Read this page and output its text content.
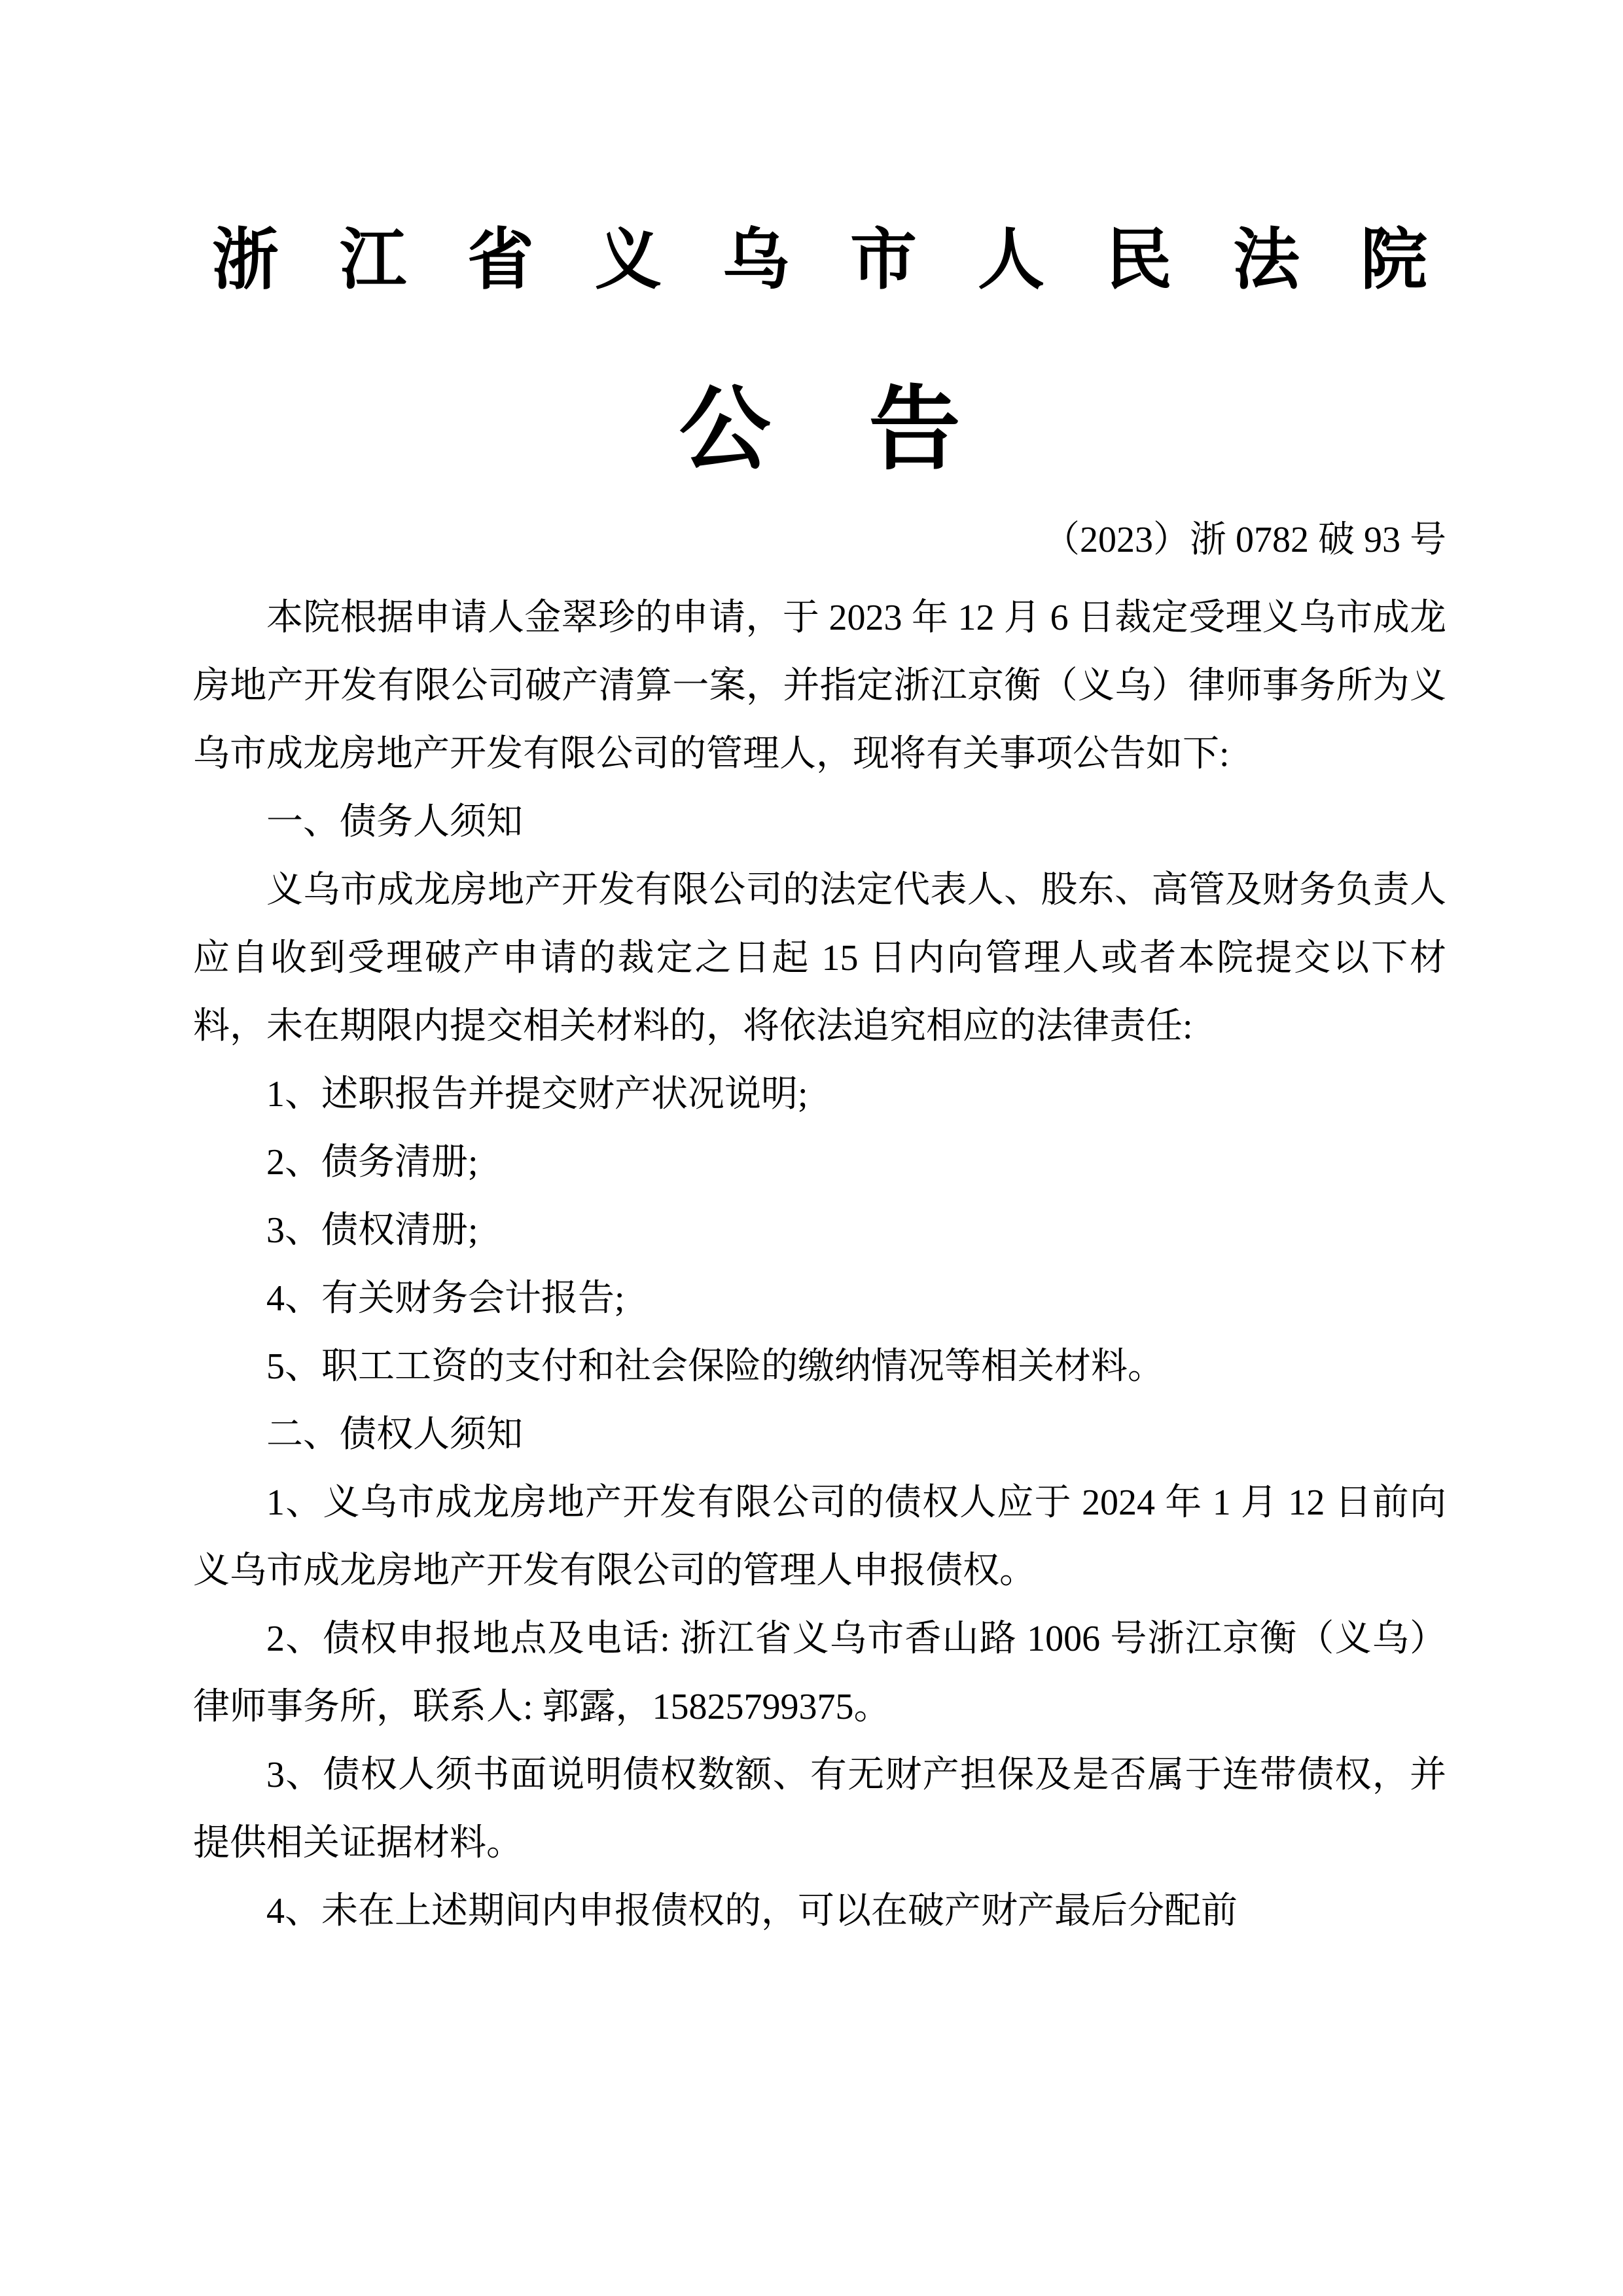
浙江省义乌市人民法院
公告
（2023）浙 0782 破 93 号

本院根据申请人金翠珍的申请，于 2023 年 12 月 6 日裁定受理义乌市成龙房地产开发有限公司破产清算一案，并指定浙江京衡（义乌）律师事务所为义乌市成龙房地产开发有限公司的管理人，现将有关事项公告如下:

一、债务人须知

义乌市成龙房地产开发有限公司的法定代表人、股东、高管及财务负责人应自收到受理破产申请的裁定之日起 15 日内向管理人或者本院提交以下材料，未在期限内提交相关材料的，将依法追究相应的法律责任:

1、述职报告并提交财产状况说明;

2、债务清册;

3、债权清册;

4、有关财务会计报告;

5、职工工资的支付和社会保险的缴纳情况等相关材料。

二、债权人须知

1、义乌市成龙房地产开发有限公司的债权人应于 2024 年 1 月 12 日前向义乌市成龙房地产开发有限公司的管理人申报债权。

2、债权申报地点及电话: 浙江省义乌市香山路 1006 号浙江京衡（义乌）律师事务所，联系人: 郭露，15825799375。

3、债权人须书面说明债权数额、有无财产担保及是否属于连带债权，并提供相关证据材料。

4、未在上述期间内申报债权的，可以在破产财产最后分配前
